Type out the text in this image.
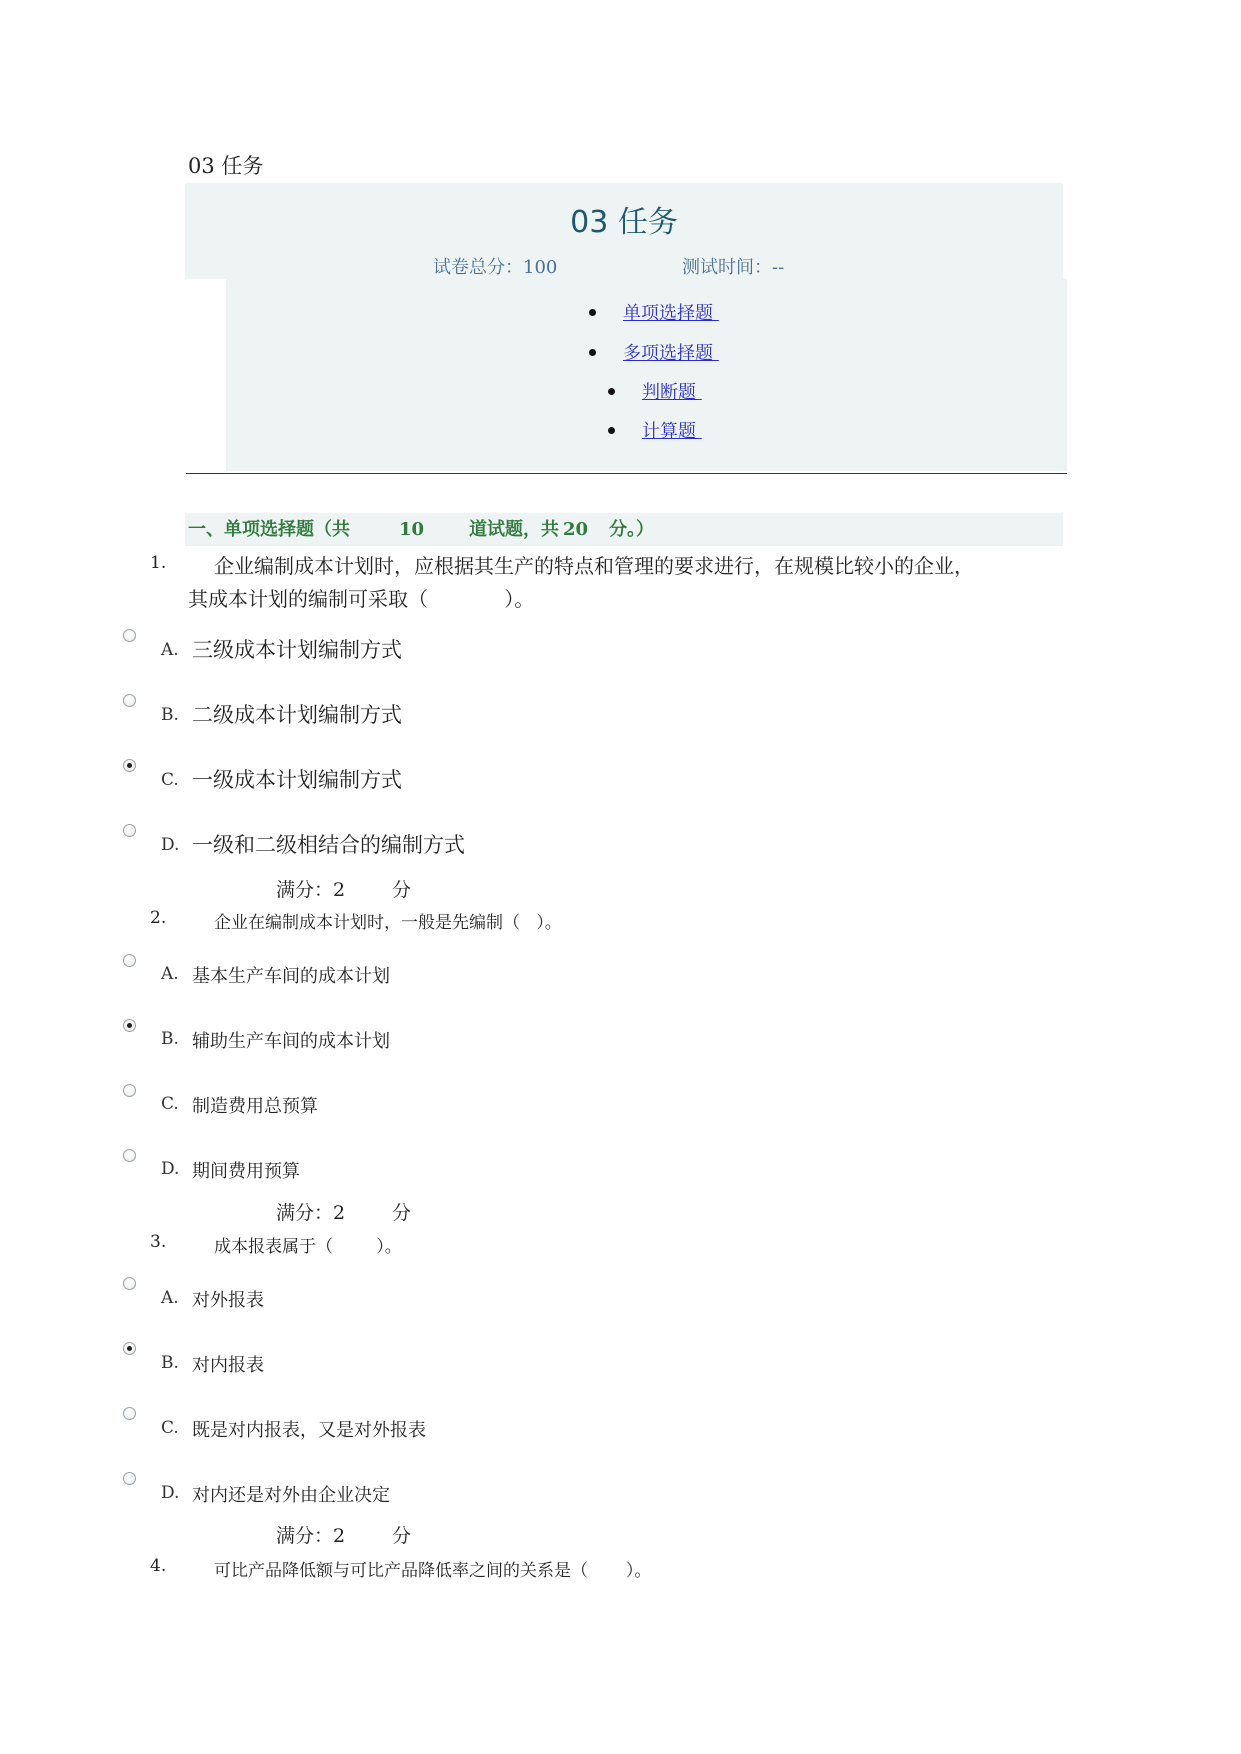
03 任务
03 任务
试卷总分：100	测试时间：--
单项选择题
多项选择题
判断题
计算题
一、单项选择题（共	10 道试题，共 20 分。）
1. 企业编制成本计划时，应根据其生产的特点和管理的要求进行，在规模比较小的企业，
其成本计划的编制可采取（            ）。
A. 三级成本计划编制方式
B. 二级成本计划编制方式
C. 一级成本计划编制方式
D. 一级和二级相结合的编制方式
满分：2 分
2.	企业在编制成本计划时，一般是先编制（   ）。
A. 基本生产车间的成本计划
B. 辅助生产车间的成本计划
C. 制造费用总预算
D. 期间费用预算
满分：2 分
3.	成本报表属于（        ）。
A. 对外报表
B. 对内报表
C. 既是对内报表，又是对外报表
D. 对内还是对外由企业决定
满分：2 分
4.	可比产品降低额与可比产品降低率之间的关系是（       ）。
